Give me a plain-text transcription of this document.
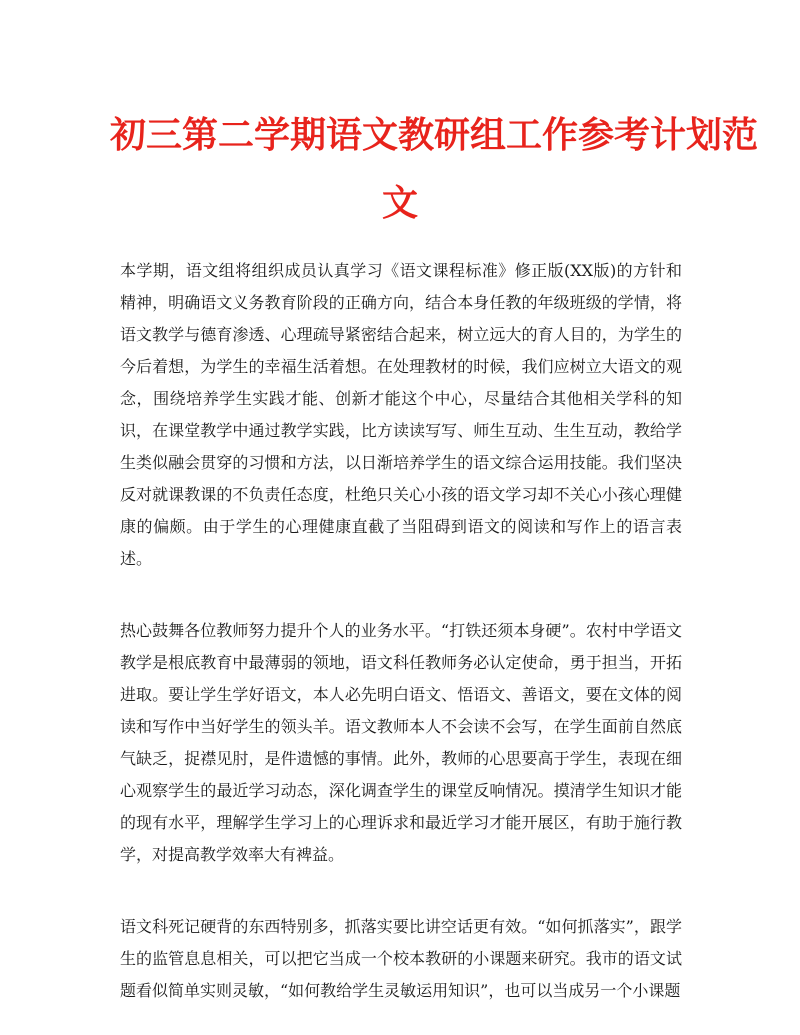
初三第二学期语文教研组工作参考计划范
文

本学期，语文组将组织成员认真学习《语文课程标准》修正版(XX版)的方针和精神，明确语文义务教育阶段的正确方向，结合本身任教的年级班级的学情，将语文教学与德育渗透、心理疏导紧密结合起来，树立远大的育人目的，为学生的今后着想，为学生的幸福生活着想。在处理教材的时候，我们应树立大语文的观念，围绕培养学生实践才能、创新才能这个中心，尽量结合其他相关学科的知识，在课堂教学中通过教学实践，比方读读写写、师生互动、生生互动，教给学生类似融会贯穿的习惯和方法，以日渐培养学生的语文综合运用技能。我们坚决反对就课教课的不负责任态度，杜绝只关心小孩的语文学习却不关心小孩心理健康的偏颇。由于学生的心理健康直截了当阻碍到语文的阅读和写作上的语言表述。

热心鼓舞各位教师努力提升个人的业务水平。“打铁还须本身硬”。农村中学语文教学是根底教育中最薄弱的领地，语文科任教师务必认定使命，勇于担当，开拓进取。要让学生学好语文，本人必先明白语文、悟语文、善语文，要在文体的阅读和写作中当好学生的领头羊。语文教师本人不会读不会写，在学生面前自然底气缺乏，捉襟见肘，是件遗憾的事情。此外，教师的心思要高于学生，表现在细心观察学生的最近学习动态，深化调查学生的课堂反响情况。摸清学生知识才能的现有水平，理解学生学习上的心理诉求和最近学习才能开展区，有助于施行教学，对提高教学效率大有裨益。

语文科死记硬背的东西特别多，抓落实要比讲空话更有效。“如何抓落实”，跟学生的监管息息相关，可以把它当成一个校本教研的小课题来研究。我市的语文试题看似简单实则灵敏，“如何教给学生灵敏运用知识”，也可以当成另一个小课题
